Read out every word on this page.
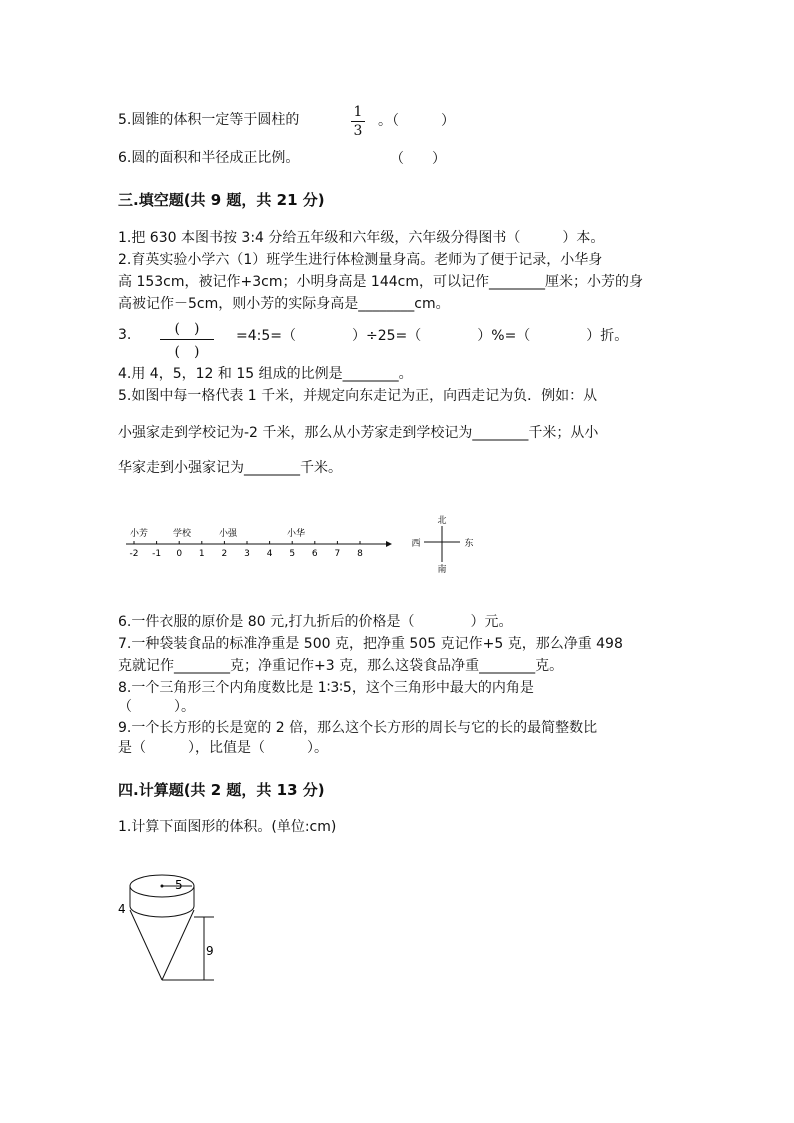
5.圆锥的体积一定等于圆柱的	1
3
。（　　　）
6.圆的面积和半径成正比例。	（　　）
三.填空题(共 9 题，共 21 分)
1.把 630 本图书按 3:4 分给五年级和六年级，六年级分得图书（　　　）本。
2.育英实验小学六（1）班学生进行体检测量身高。老师为了便于记录，小华身
高 153cm，被记作+3cm；小明身高是 144cm，可以记作________厘米；小芳的身
高被记作－5cm，则小芳的实际身高是________cm。
3.	(　)
(　)
=4:5=（　　　　）÷25=（　　　　）%=（　　　　）折。
4.用 4，5，12 和 15 组成的比例是________。
5.如图中每一格代表 1 千米，并规定向东走记为正，向西走记为负．例如：从
小强家走到学校记为-2 千米，那么从小芳家走到学校记为________千米；从小
华家走到小强家记为________千米。
-2 -1 0 1 2 3 4 5 6 7 8
小芳	学校	小强	小华
北
南
西	东
6.一件衣服的原价是 80 元,打九折后的价格是（　　　　）元。
7.一种袋装食品的标准净重是 500 克，把净重 505 克记作+5 克，那么净重 498
克就记作________克；净重记作+3 克，那么这袋食品净重________克。
8.一个三角形三个内角度数比是 1∶3∶5，这个三角形中最大的内角是
（　　　）。
9.一个长方形的长是宽的 2 倍，那么这个长方形的周长与它的长的最简整数比
是（　　　），比值是（　　　）。
四.计算题(共 2 题，共 13 分)
1.计算下面图形的体积。(单位:cm)
5
4
9
